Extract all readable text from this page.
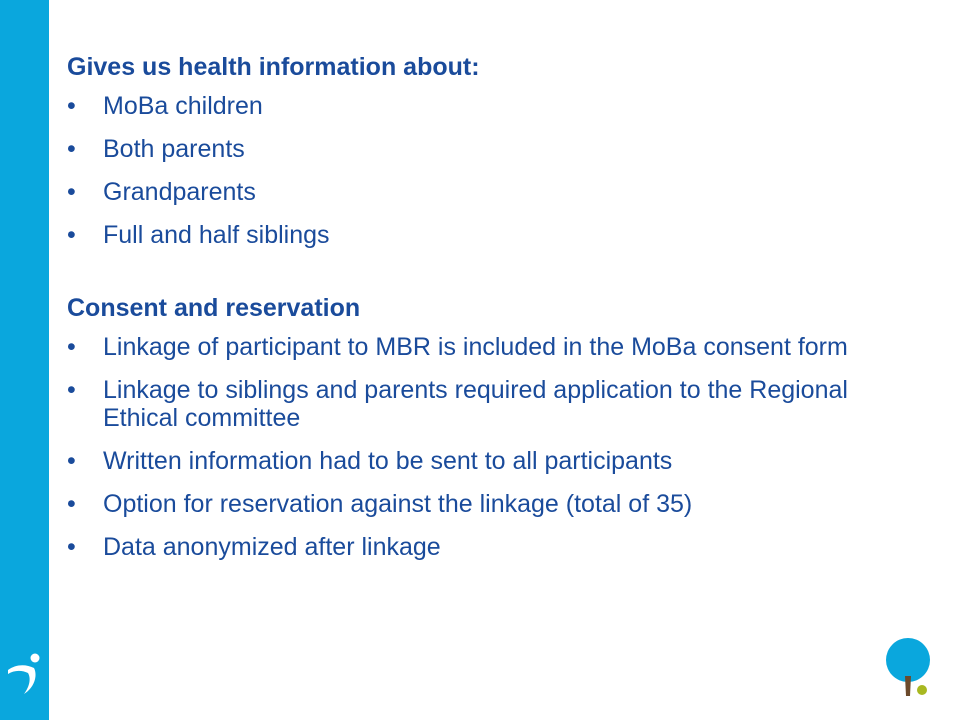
Gives us health information about:
• MoBa children
• Both parents
• Grandparents
• Full and half siblings
Consent and reservation
• Linkage of participant to MBR is included in the MoBa consent form
• Linkage to siblings and parents required application to the Regional Ethical committee
• Written information had to be sent to all participants
• Option for reservation against the linkage (total of 35)
• Data anonymized after linkage
